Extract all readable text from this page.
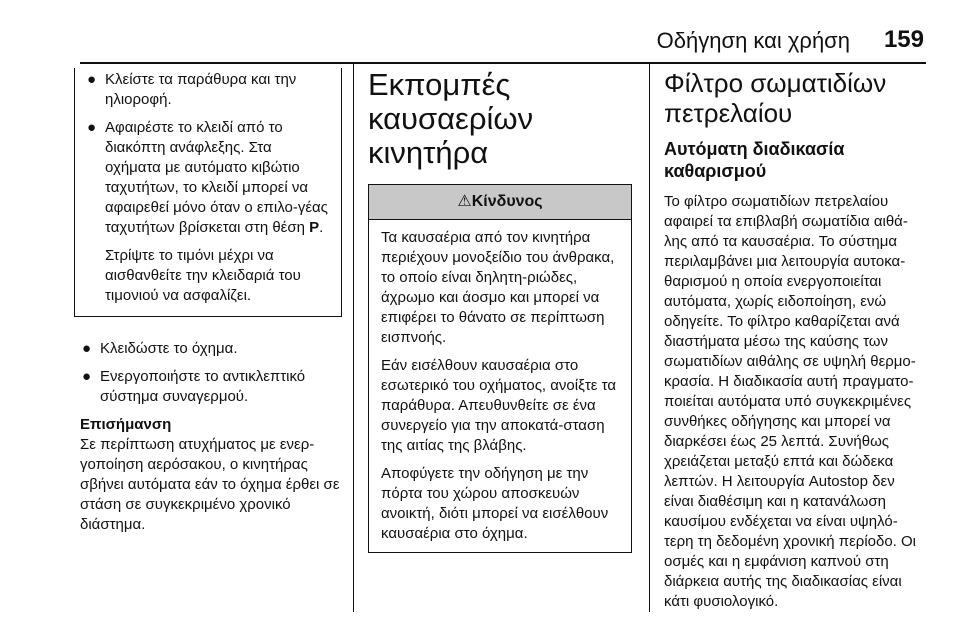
Οδήγηση και χρήση 159
● Κλείστε τα παράθυρα και την ηλιοροφή.
● Αφαιρέστε το κλειδί από το διακόπτη ανάφλεξης. Στα οχήματα με αυτόματο κιβώτιο ταχυτήτων, το κλειδί μπορεί να αφαιρεθεί μόνο όταν ο επιλο-γέας ταχυτήτων βρίσκεται στη θέση P.

Στρίψτε το τιμόνι μέχρι να αισθανθείτε την κλειδαριά του τιμονιού να ασφαλίζει.

● Κλειδώστε το όχημα.
● Ενεργοποιήστε το αντικλεπτικό σύστημα συναγερμού.
Επισήμανση

Σε περίπτωση ατυχήματος με ενερ-γοποίηση αερόσακου, ο κινητήρας σβήνει αυτόματα εάν το όχημα έρθει σε στάση σε συγκεκριμένο χρονικό διάστημα.

Εκπομπές καυσαερίων κινητήρα
⚠Κίνδυνος

Τα καυσαέρια από τον κινητήρα περιέχουν μονοξείδιο του άνθρακα, το οποίο είναι δηλητη-ριώδες, άχρωμο και άοσμο και μπορεί να επιφέρει το θάνατο σε περίπτωση εισπνοής.

Εάν εισέλθουν καυσαέρια στο εσωτερικό του οχήματος, ανοίξτε τα παράθυρα. Απευθυνθείτε σε ένα συνεργείο για την αποκατά-σταση της αιτίας της βλάβης.

Αποφύγετε την οδήγηση με την πόρτα του χώρου αποσκευών ανοικτή, διότι μπορεί να εισέλθουν καυσαέρια στο όχημα.

Φίλτρο σωματιδίων πετρελαίου
Αυτόματη διαδικασία καθαρισμού

Το φίλτρο σωματιδίων πετρελαίου αφαιρεί τα επιβλαβή σωματίδια αιθά-λης από τα καυσαέρια. Το σύστημα περιλαμβάνει μια λειτουργία αυτοκα-θαρισμού η οποία ενεργοποιείται αυτόματα, χωρίς ειδοποίηση, ενώ οδηγείτε. Το φίλτρο καθαρίζεται ανά διαστήματα μέσω της καύσης των σωματιδίων αιθάλης σε υψηλή θερμο-κρασία. Η διαδικασία αυτή πραγματο-ποιείται αυτόματα υπό συγκεκριμένες συνθήκες οδήγησης και μπορεί να διαρκέσει έως 25 λεπτά. Συνήθως χρειάζεται μεταξύ επτά και δώδεκα λεπτών. Η λειτουργία Autostop δεν είναι διαθέσιμη και η κατανάλωση καυσίμου ενδέχεται να είναι υψηλό-τερη τη δεδομένη χρονική περίοδο. Οι οσμές και η εμφάνιση καπνού στη διάρκεια αυτής της διαδικασίας είναι κάτι φυσιολογικό.
